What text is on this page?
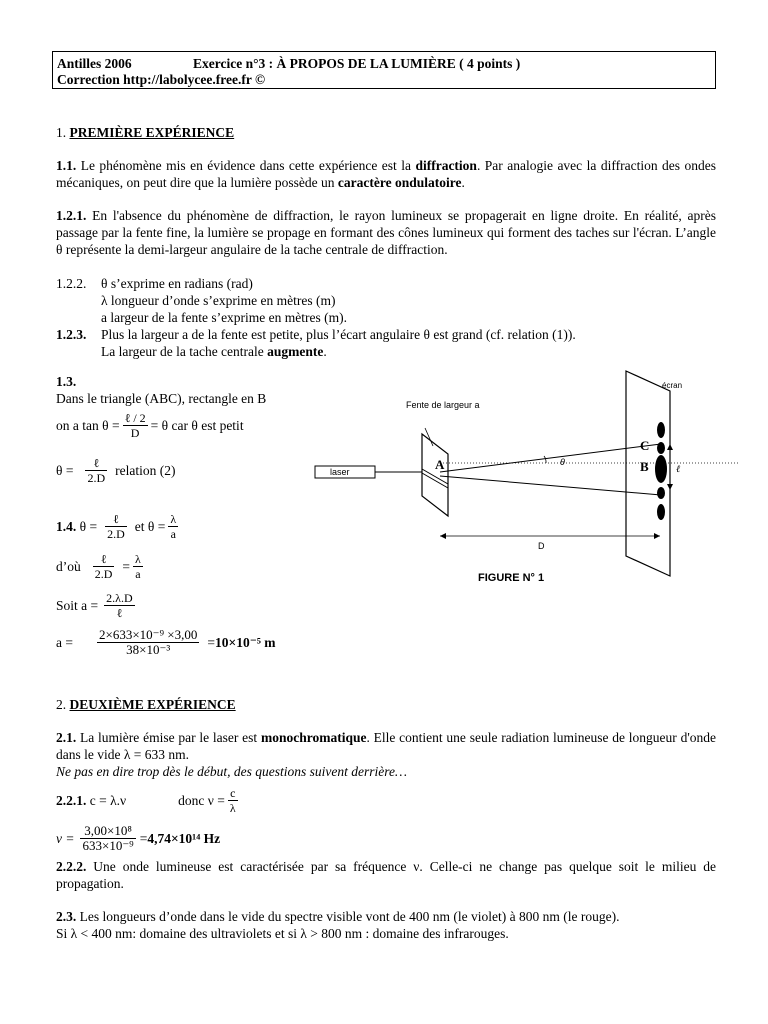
Antilles 2006	Exercice n°3 : À PROPOS DE LA LUMIÈRE ( 4 points )
Correction http://labolycee.free.fr ©
1. PREMIÈRE EXPÉRIENCE
1.1. Le phénomène mis en évidence dans cette expérience est la diffraction. Par analogie avec la diffraction des ondes mécaniques, on peut dire que la lumière possède un caractère ondulatoire.
1.2.1. En l'absence du phénomène de diffraction, le rayon lumineux se propagerait en ligne droite. En réalité, après passage par la fente fine, la lumière se propage en formant des cônes lumineux qui forment des taches sur l'écran. L’angle θ représente la demi-largeur angulaire de la tache centrale de diffraction.
1.2.2. θ s’exprime en radians (rad)
λ longueur d’onde s’exprime en mètres (m)
a largeur de la fente s’exprime en mètres (m).
1.2.3. Plus la largeur a de la fente est petite, plus l’écart angulaire θ est grand (cf. relation (1)).
La largeur de la tache centrale augmente.
1.3.
Dans le triangle (ABC), rectangle en B
on a $\tan \theta = \frac{\text{ℓ / 2}}{D} = \theta$ car θ est petit
$\theta = \frac{\text{ℓ}}{2.D}$ relation (2)
1.4.
$\theta = \frac{\text{ℓ}}{2.D}$ et $\theta = \frac{\lambda}{a}$
d’où $\frac{\text{ℓ}}{2.D} = \frac{\lambda}{a}$
Soit $a = \frac{2.\lambda.D}{\text{ℓ}}$
$a = \frac{\text{2×633×10⁻⁹ ×3,00}}{\text{38×10⁻³}} = 10\times 10^{-5}$ m
laser
Fente de largeur a
écran
θ
ℓ
D
A	B
C
FIGURE N° 1
2. DEUXIÈME EXPÉRIENCE
2.1. La lumière émise par le laser est monochromatique. Elle contient une seule radiation lumineuse de longueur d'onde dans le vide λ = 633 nm.
Ne pas en dire trop dès le début, des questions suivent derrière…
2.2.1.
c = λ.ν	donc $\nu = \frac{c}{\lambda}$
$\nu = \frac{\text{3,00×10⁸}}{\text{633×10⁻⁹}} = 4,74\times 10^{14}$ Hz
2.2.2. Une onde lumineuse est caractérisée par sa fréquence ν. Celle-ci ne change pas quelque soit le milieu de propagation.
2.3. Les longueurs d’onde dans le vide du spectre visible vont de 400 nm (le violet) à 800 nm (le rouge).
Si λ < 400 nm: domaine des ultraviolets et si λ > 800 nm : domaine des infrarouges.
